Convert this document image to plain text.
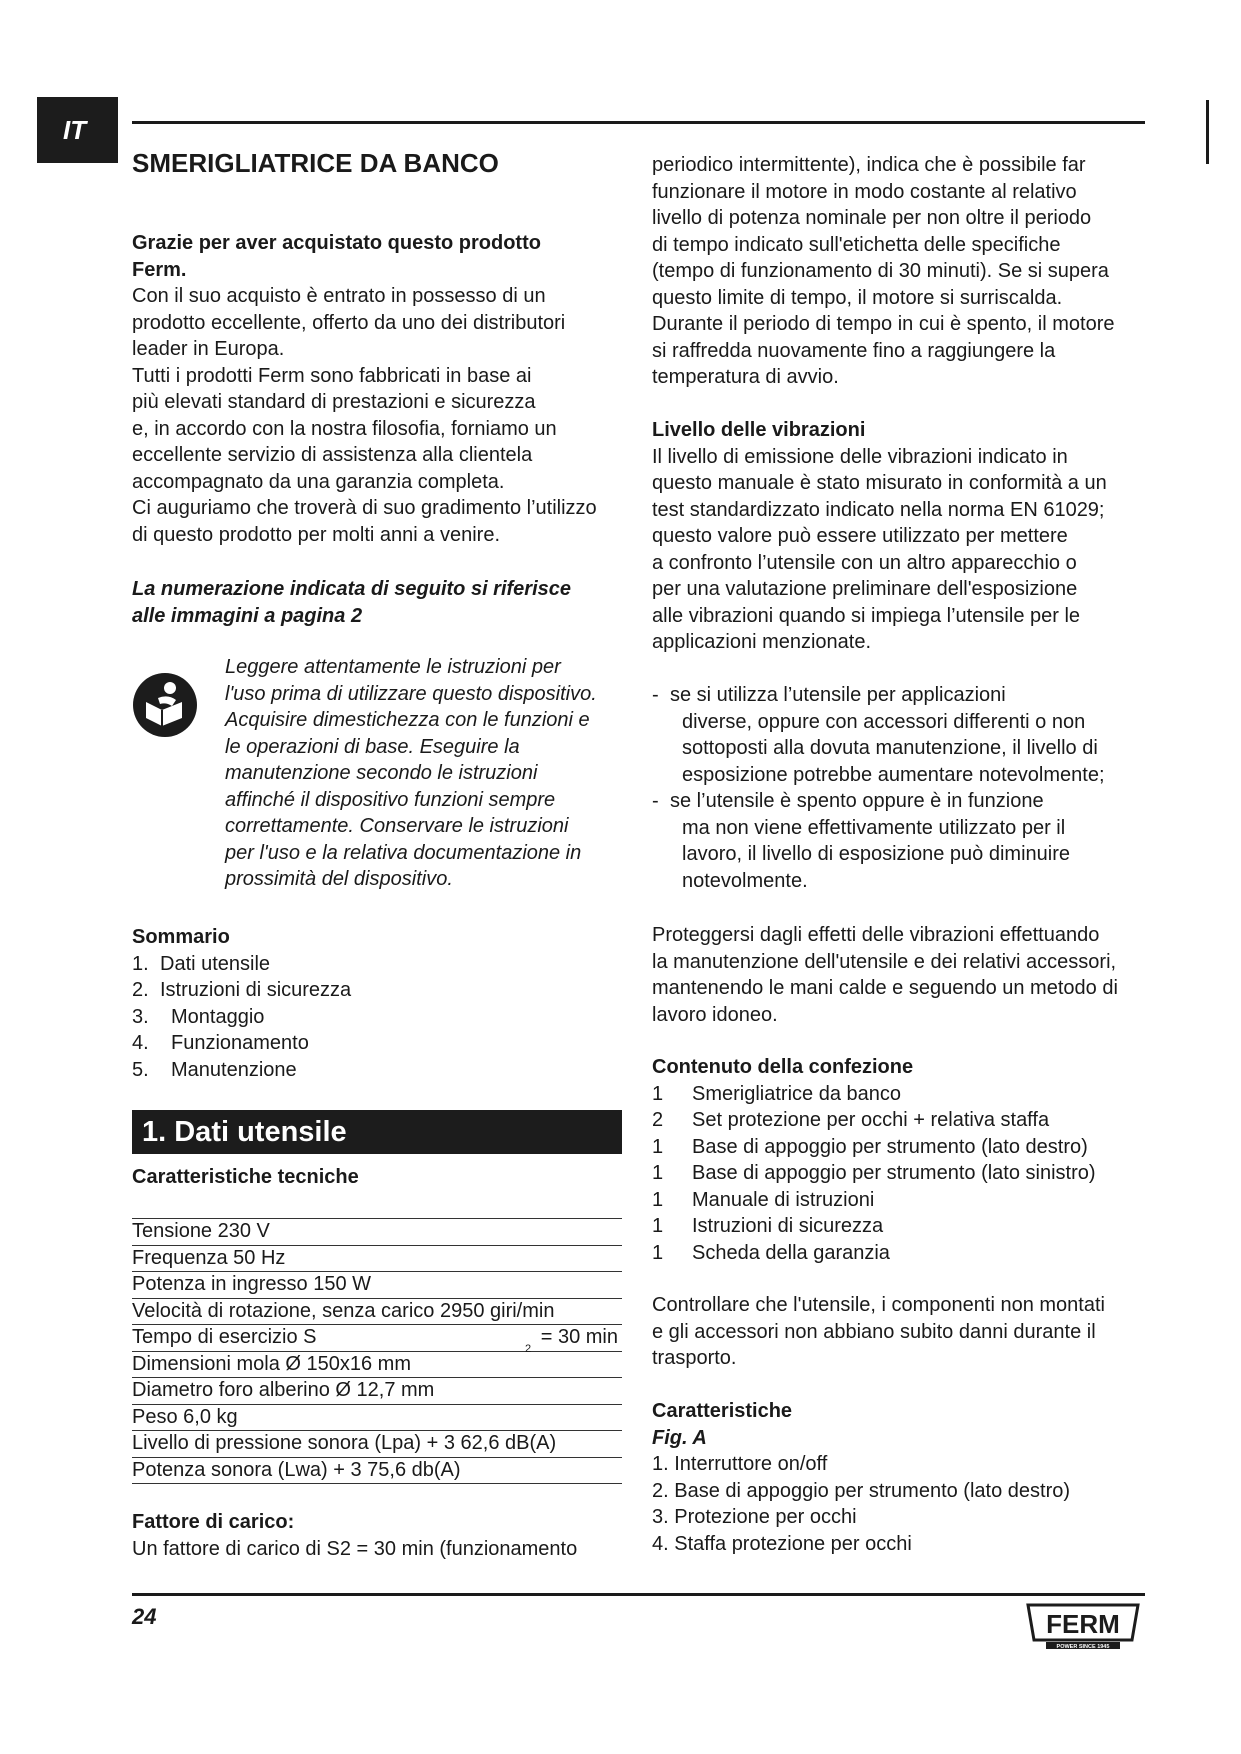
IT
SMERIGLIATRICE DA BANCO

Grazie per aver acquistato questo prodotto
Ferm.

Con il suo acquisto è entrato in possesso di un
prodotto eccellente, offerto da uno dei distributori
leader in Europa.
Tutti i prodotti Ferm sono fabbricati in base ai
più elevati standard di prestazioni e sicurezza
e, in accordo con la nostra filosofia, forniamo un
eccellente servizio di assistenza alla clientela
accompagnato da una garanzia completa.
Ci auguriamo che troverà di suo gradimento l’utilizzo
di questo prodotto per molti anni a venire.

La numerazione indicata di seguito si riferisce
alle immagini a pagina 2

Leggere attentamente le istruzioni per
l'uso prima di utilizzare questo dispositivo.
Acquisire dimestichezza con le funzioni e
le operazioni di base. Eseguire la
manutenzione secondo le istruzioni
affinché il dispositivo funzioni sempre
correttamente. Conservare le istruzioni
per l'uso e la relativa documentazione in
prossimità del dispositivo.

Sommario

1. Dati utensile
2. Istruzioni di sicurezza
3.	Montaggio
4.	Funzionamento
5.	Manutenzione
1. Dati utensile

Caratteristiche tecniche

Tensione 230 V
Frequenza 50 Hz
Potenza in ingresso 150 W
Velocità di rotazione, senza carico 2950 giri/min
Tempo di esercizio S
2
= 30 min
Dimensioni mola Ø 150x16 mm
Diametro foro alberino Ø 12,7 mm
Peso 6,0 kg
Livello di pressione sonora (Lpa) + 3 62,6 dB(A)
Potenza sonora (Lwa) + 3 75,6 db(A)

Fattore di carico:

Un fattore di carico di S2 = 30 min (funzionamento

periodico intermittente), indica che è possibile far
funzionare il motore in modo costante al relativo
livello di potenza nominale per non oltre il periodo
di tempo indicato sull'etichetta delle specifiche
(tempo di funzionamento di 30 minuti). Se si supera
questo limite di tempo, il motore si surriscalda.
Durante il periodo di tempo in cui è spento, il motore
si raffredda nuovamente fino a raggiungere la
temperatura di avvio.

Livello delle vibrazioni

Il livello di emissione delle vibrazioni indicato in
questo manuale è stato misurato in conformità a un
test standardizzato indicato nella norma EN 61029;
questo valore può essere utilizzato per mettere
a confronto l’utensile con un altro apparecchio o
per una valutazione preliminare dell'esposizione
alle vibrazioni quando si impiega l’utensile per le
applicazioni menzionate.

- se si utilizza l’utensile per applicazioni
diverse, oppure con accessori differenti o non
sottoposti alla dovuta manutenzione, il livello di
esposizione potrebbe aumentare notevolmente;
- se l’utensile è spento oppure è in funzione
ma non viene effettivamente utilizzato per il
lavoro, il livello di esposizione può diminuire
notevolmente.

Proteggersi dagli effetti delle vibrazioni effettuando
la manutenzione dell'utensile e dei relativi accessori,
mantenendo le mani calde e seguendo un metodo di
lavoro idoneo.

Contenuto della confezione

1	Smerigliatrice da banco
2	Set protezione per occhi + relativa staffa
1	Base di appoggio per strumento (lato destro)
1	Base di appoggio per strumento (lato sinistro)
1	Manuale di istruzioni
1	Istruzioni di sicurezza
1	Scheda della garanzia

Controllare che l'utensile, i componenti non montati
e gli accessori non abbiano subito danni durante il
trasporto.

Caratteristiche

Fig. A

1. Interruttore on/off

2. Base di appoggio per strumento (lato destro)

3. Protezione per occhi

4. Staffa protezione per occhi

24	FERM
POWER SINCE 1945
